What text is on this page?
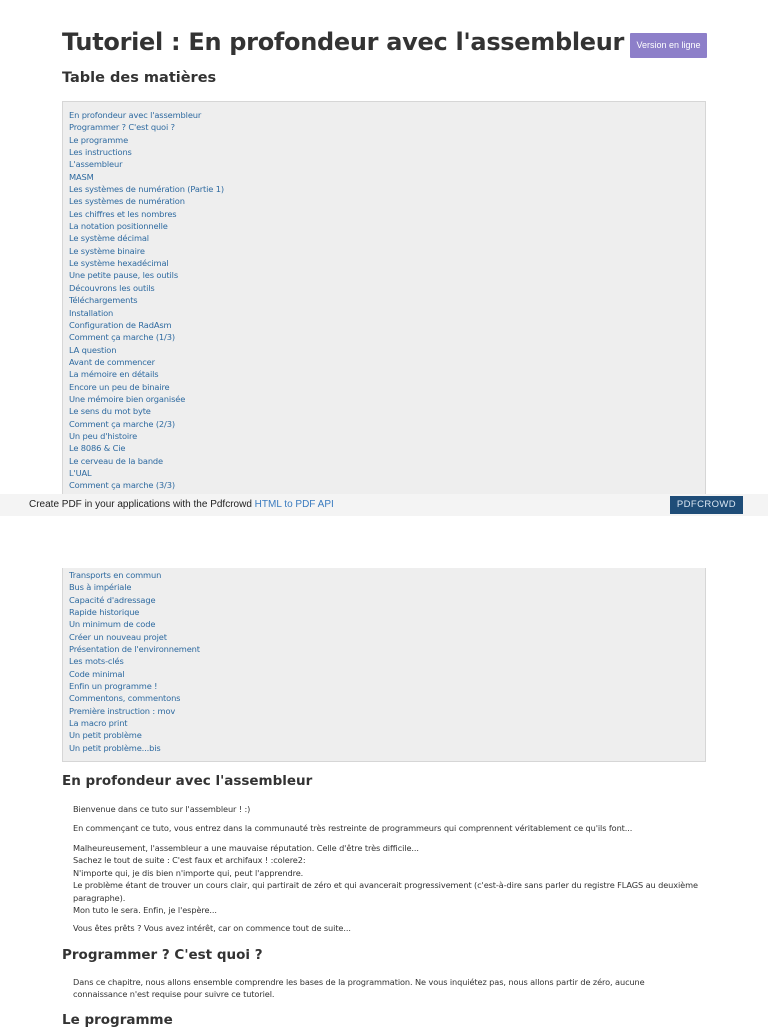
Tutoriel : En profondeur avec l'assembleur	Version en ligne
Table des matières
En profondeur avec l'assembleur
Programmer ? C'est quoi ?
Le programme
Les instructions
L'assembleur
MASM
Les systèmes de numération (Partie 1)
Les systèmes de numération
Les chiffres et les nombres
La notation positionnelle
Le système décimal
Le système binaire
Le système hexadécimal
Une petite pause, les outils
Découvrons les outils
Téléchargements
Installation
Configuration de RadAsm
Comment ça marche (1/3)
LA question
Avant de commencer
La mémoire en détails
Encore un peu de binaire
Une mémoire bien organisée
Le sens du mot byte
Comment ça marche (2/3)
Un peu d'histoire
Le 8086 & Cie
Le cerveau de la bande
L'UAL
Comment ça marche (3/3)
Create PDF in your applications with the Pdfcrowd HTML to PDF API	PDFCROWD
Transports en commun
Bus à impériale
Capacité d'adressage
Rapide historique
Un minimum de code
Créer un nouveau projet
Présentation de l'environnement
Les mots-clés
Code minimal
Enfin un programme !
Commentons, commentons
Première instruction : mov
La macro print
Un petit problème
Un petit problème...bis
En profondeur avec l'assembleur

Bienvenue dans ce tuto sur l'assembleur ! :)

En commençant ce tuto, vous entrez dans la communauté très restreinte de programmeurs qui comprennent véritablement ce qu'ils font...

Malheureusement, l'assembleur a une mauvaise réputation. Celle d'être très difficile...
Sachez le tout de suite : C'est faux et archifaux ! :colere2:
N'importe qui, je dis bien n'importe qui, peut l'apprendre.
Le problème étant de trouver un cours clair, qui partirait de zéro et qui avancerait progressivement (c'est-à-dire sans parler du registre FLAGS au deuxième paragraphe).
Mon tuto le sera. Enfin, je l'espère...

Vous êtes prêts ? Vous avez intérêt, car on commence tout de suite...

Programmer ? C'est quoi ?

Dans ce chapitre, nous allons ensemble comprendre les bases de la programmation. Ne vous inquiétez pas, nous allons partir de zéro, aucune connaissance n'est requise pour suivre ce tutoriel.

Le programme
